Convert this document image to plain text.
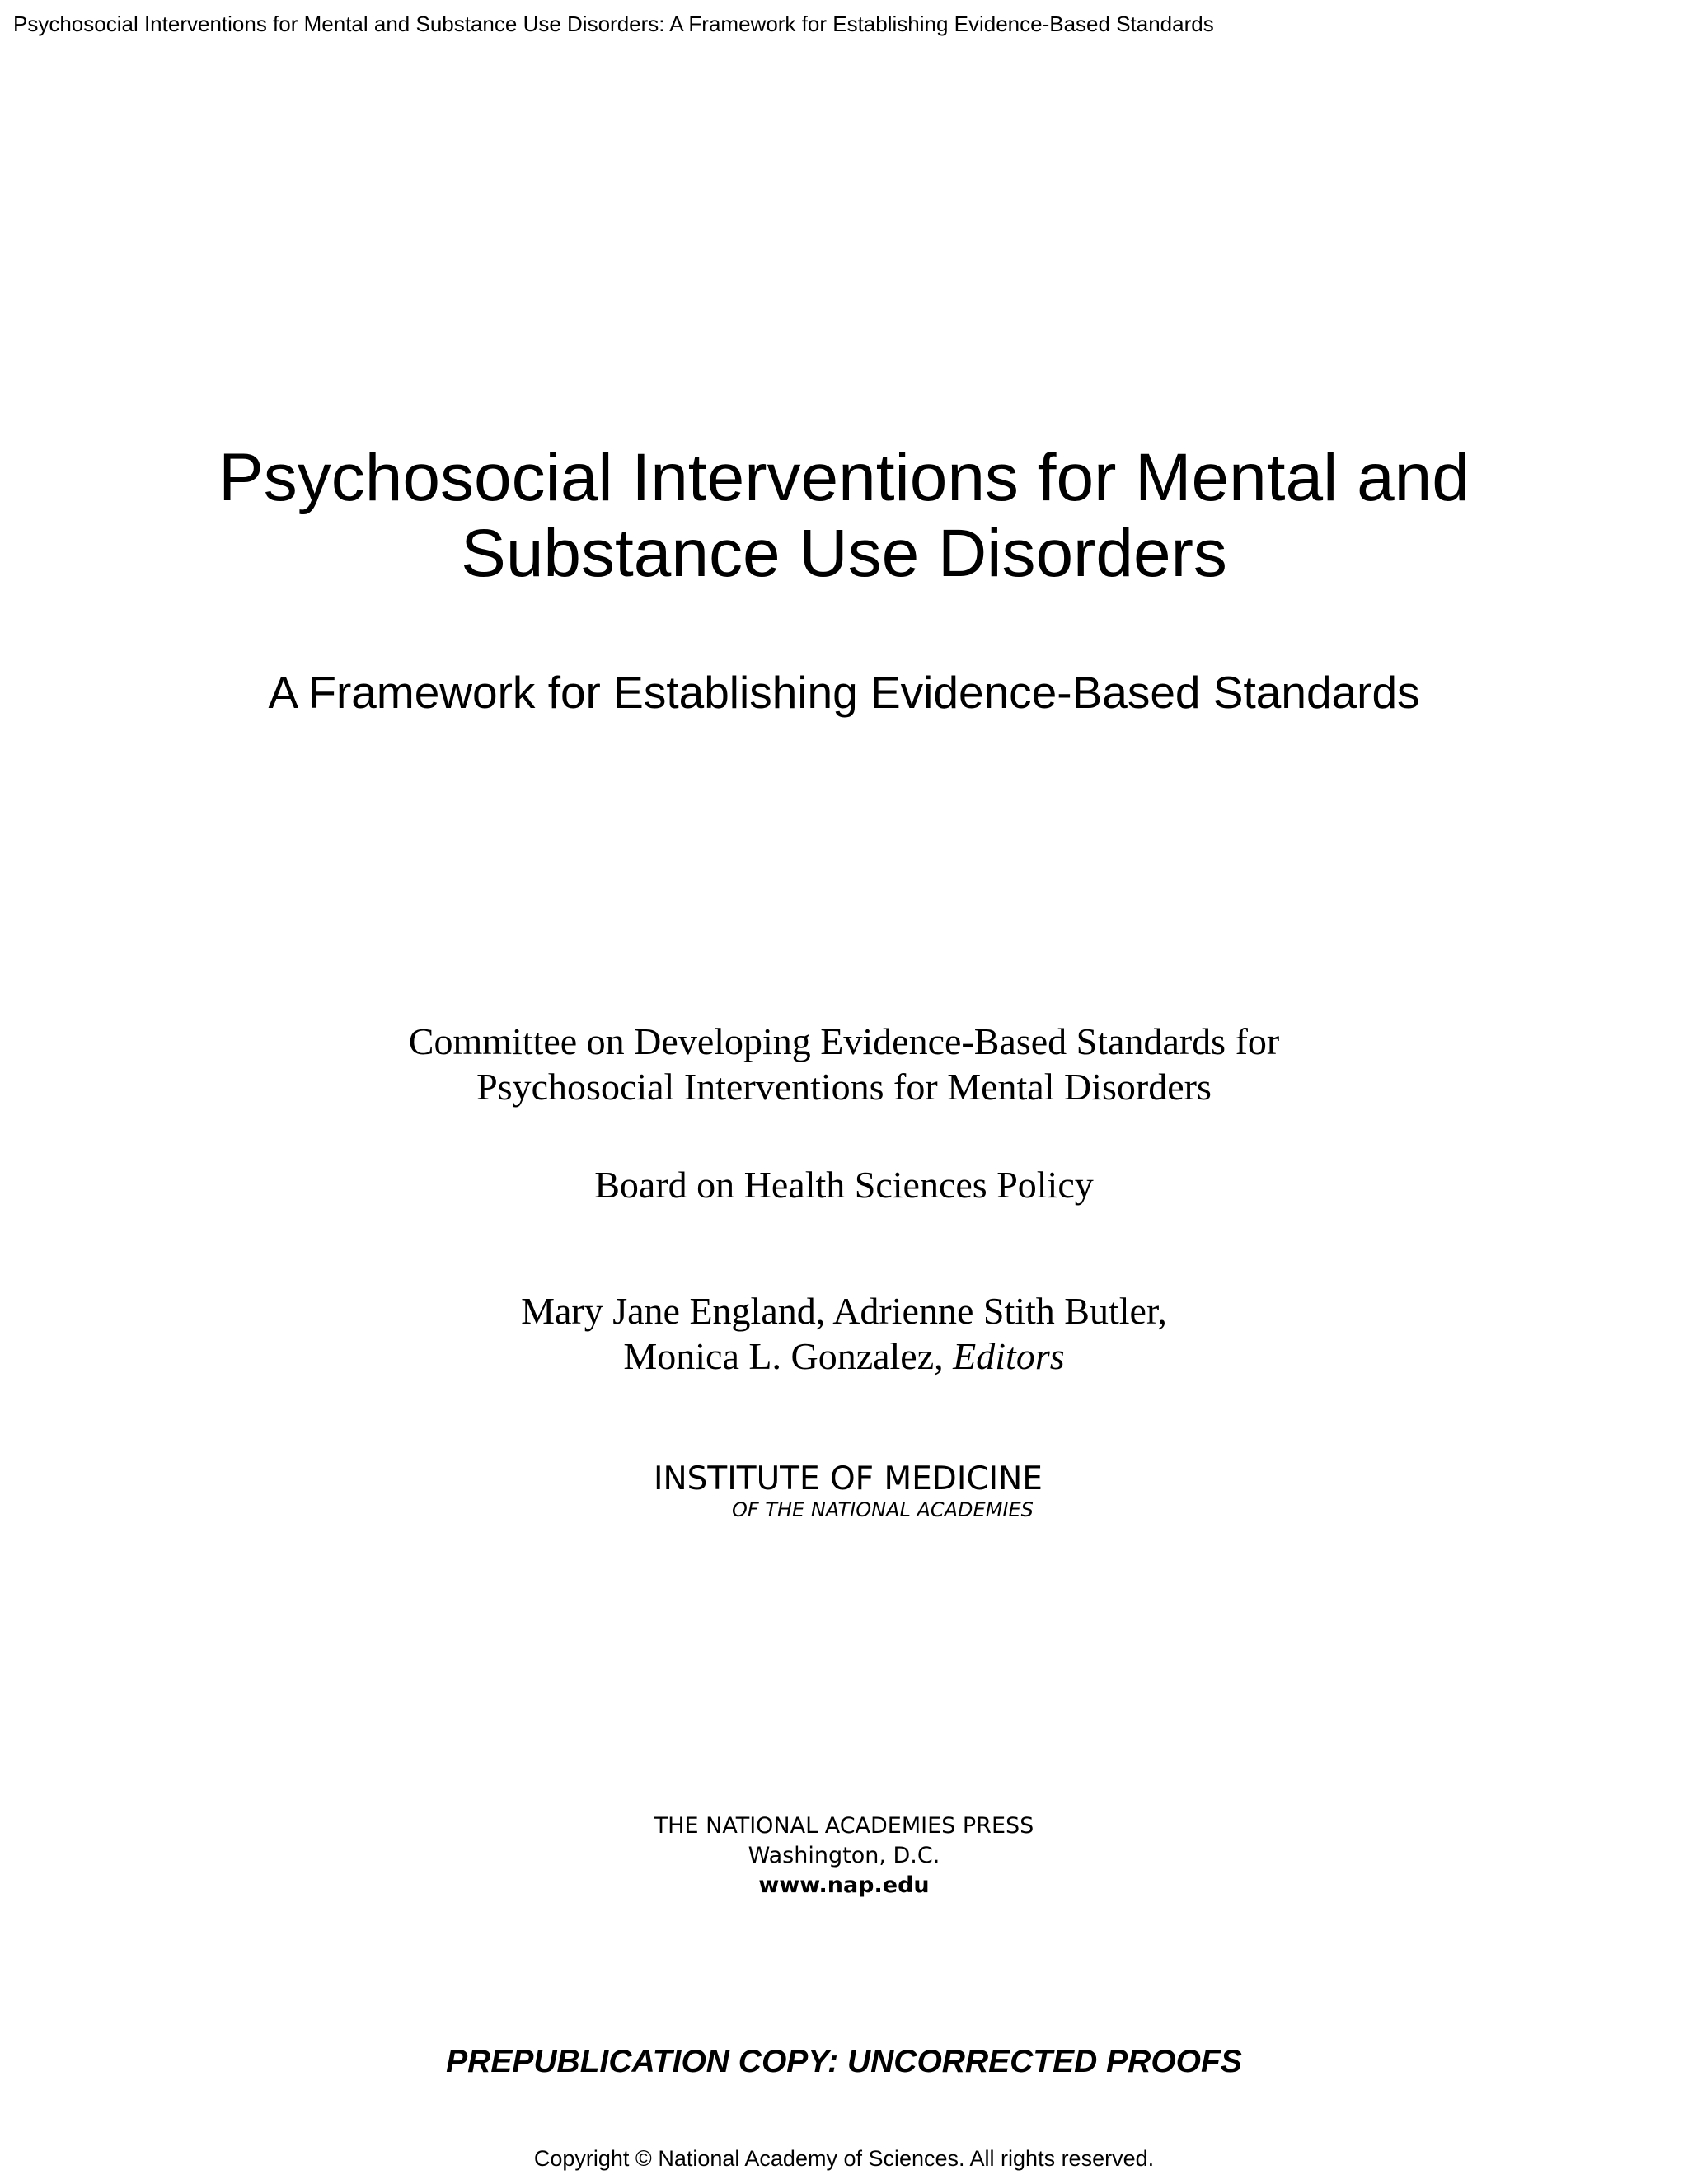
Psychosocial Interventions for Mental and Substance Use Disorders: A Framework for Establishing Evidence-Based Standards
Psychosocial Interventions for Mental and
Substance Use Disorders
A Framework for Establishing Evidence-Based Standards
Committee on Developing Evidence-Based Standards for
Psychosocial Interventions for Mental Disorders
Board on Health Sciences Policy
Mary Jane England, Adrienne Stith Butler,
Monica L. Gonzalez, Editors
INSTITUTE OF MEDICINE
OF THE NATIONAL ACADEMIES
THE NATIONAL ACADEMIES PRESS
Washington, D.C.
www.nap.edu
PREPUBLICATION COPY: UNCORRECTED PROOFS
Copyright © National Academy of Sciences. All rights reserved.
